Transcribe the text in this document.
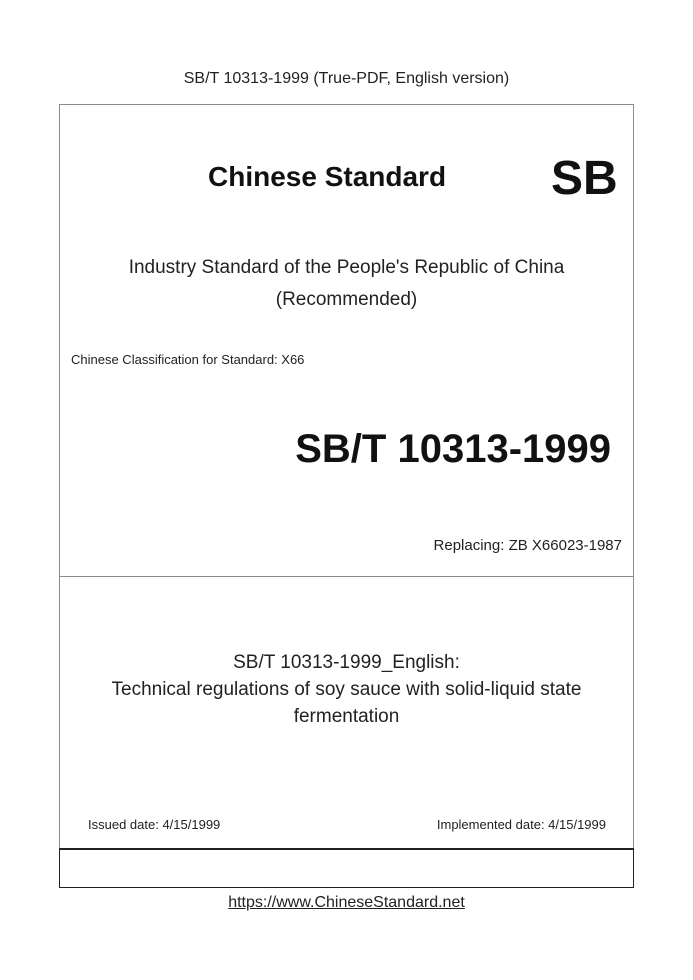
SB/T 10313-1999 (True-PDF, English version)
Chinese Standard SB
Industry Standard of the People's Republic of China
(Recommended)
Chinese Classification for Standard: X66
SB/T 10313-1999
Replacing: ZB X66023-1987
SB/T 10313-1999_English:
Technical regulations of soy sauce with solid-liquid state
fermentation
Issued date: 4/15/1999	Implemented date: 4/15/1999
https://www.ChineseStandard.net
